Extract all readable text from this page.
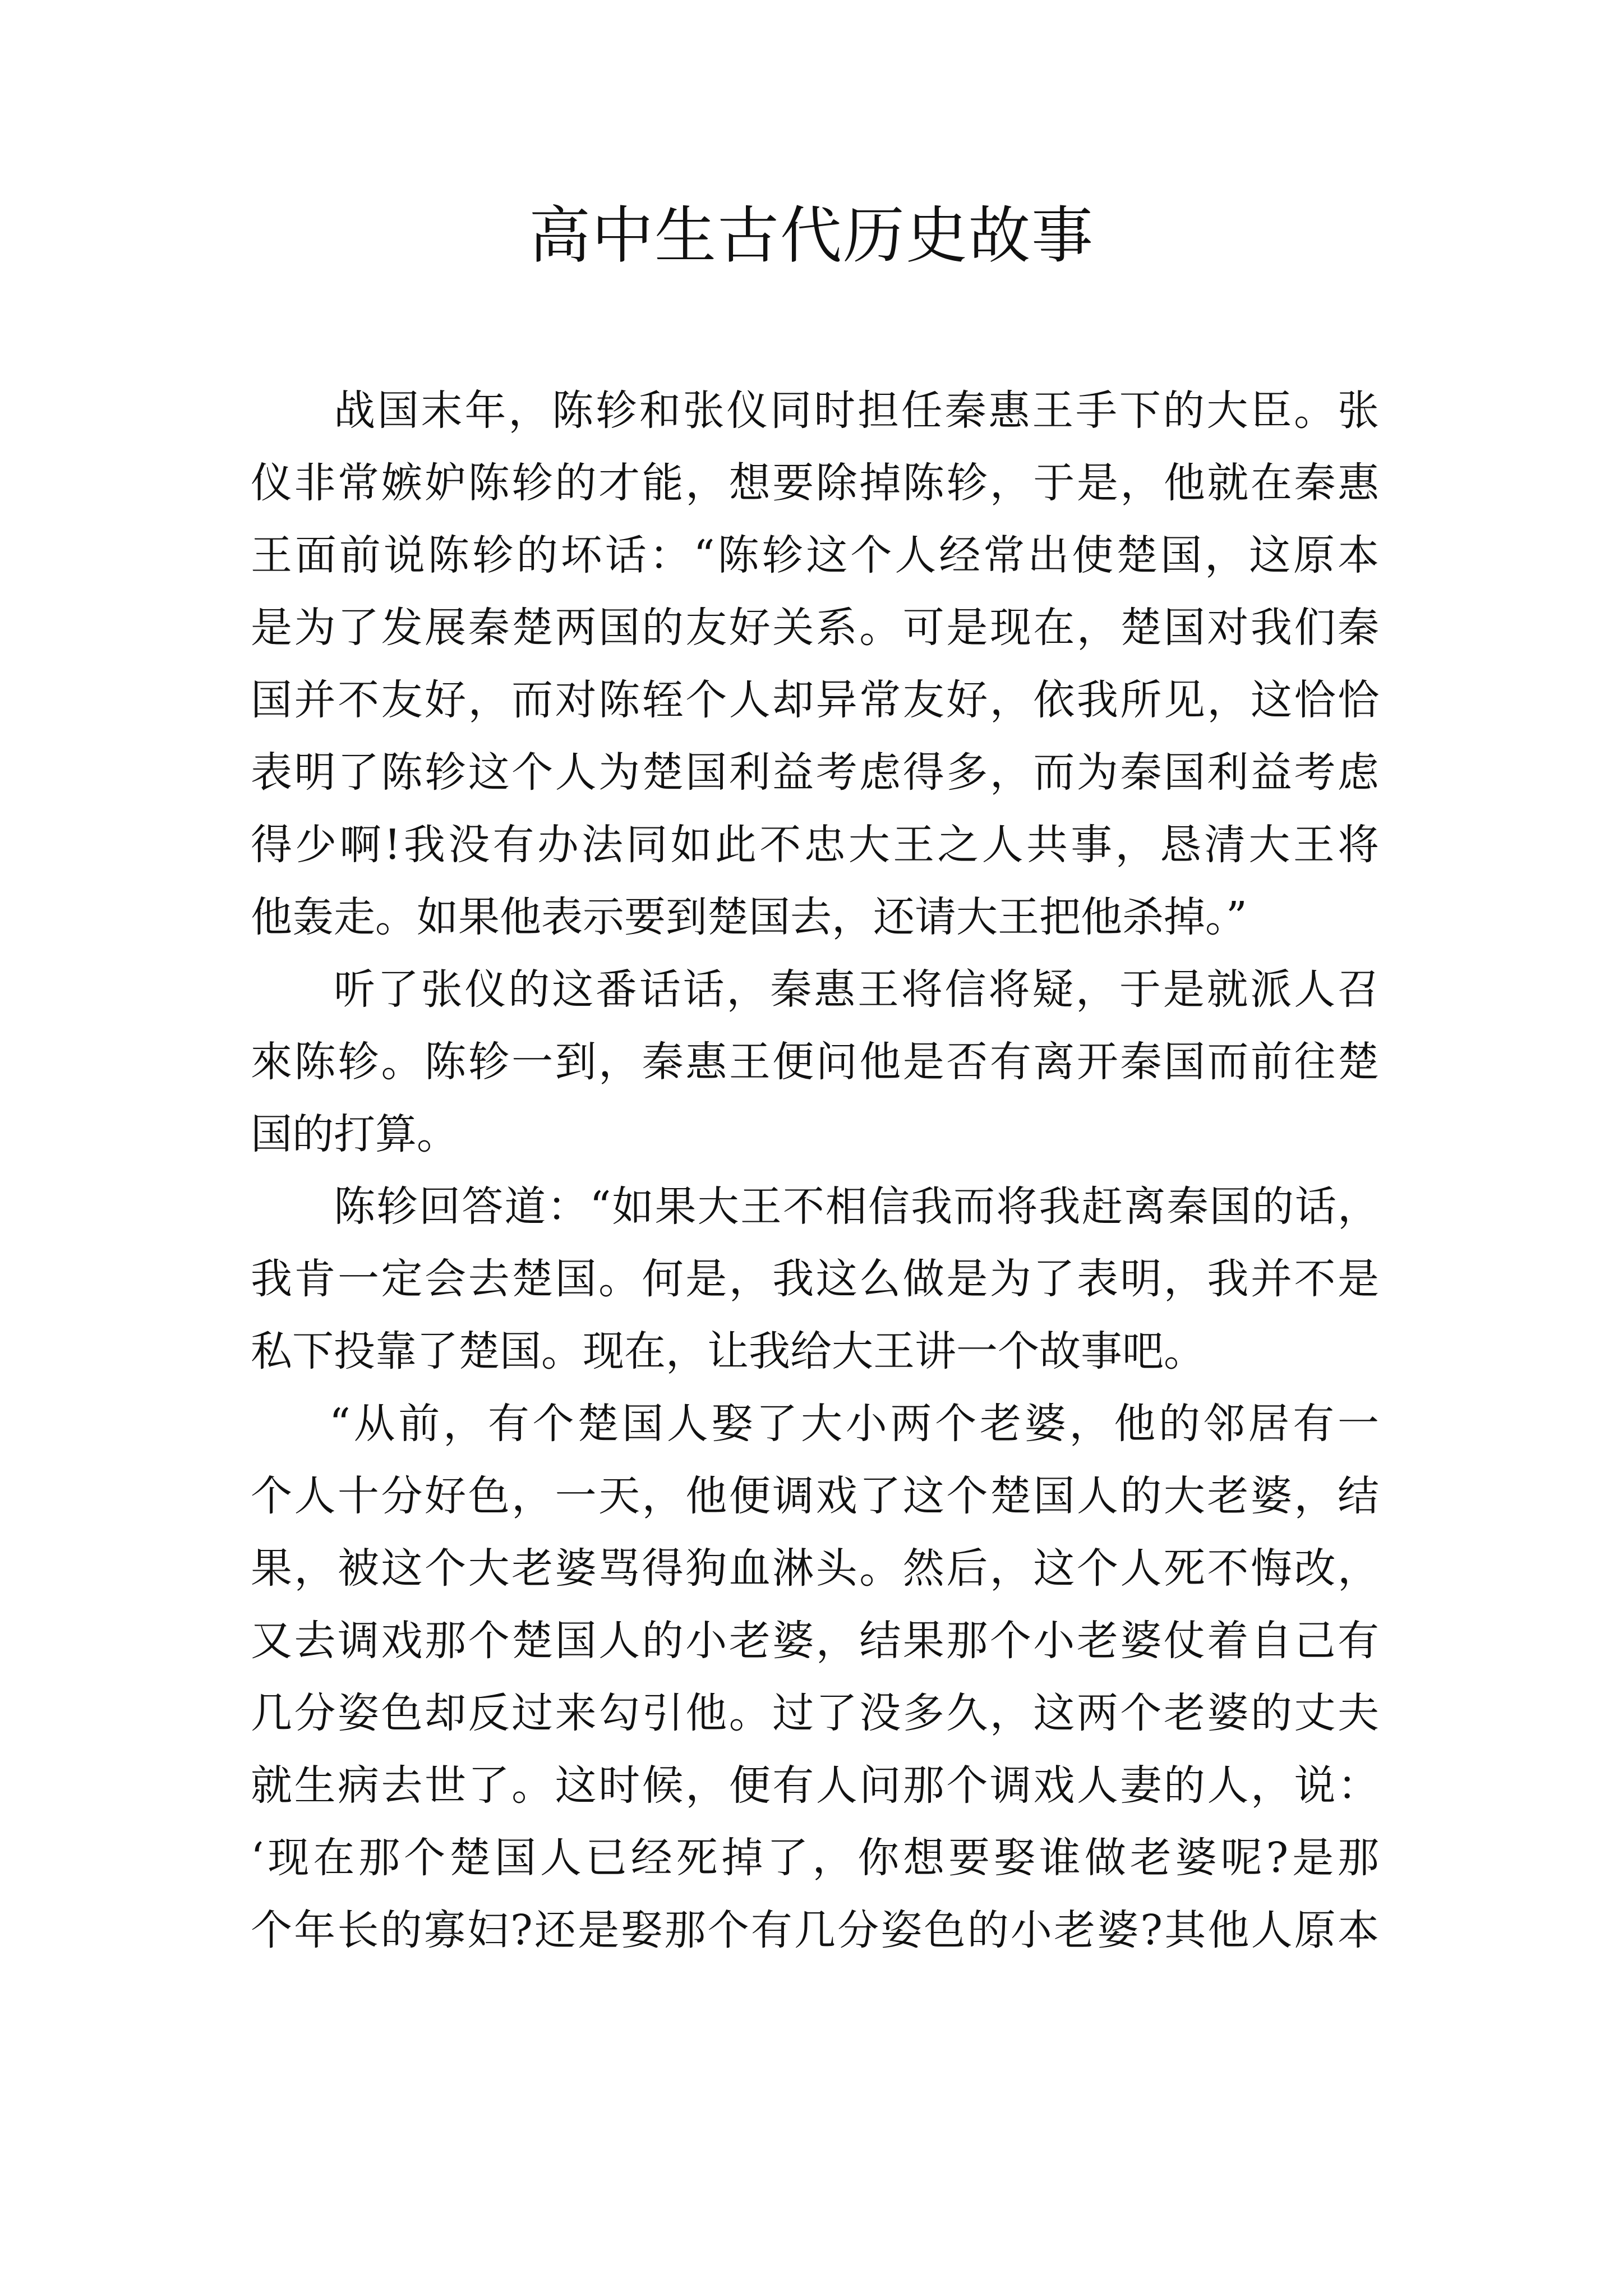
高中生古代历史故事
战国末年，陈轸和张仪同时担任秦惠王手下的大臣。张
仪非常嫉妒陈轸的才能，想要除掉陈轸，于是，他就在秦惠
王面前说陈轸的坏话：“陈轸这个人经常出使楚国，这原本
是为了发展秦楚两国的友好关系。可是现在，楚国对我们秦
国并不友好，而对陈轾个人却异常友好，依我所见，这恰恰
表明了陈轸这个人为楚国利益考虑得多，而为秦国利益考虑
得少啊!我没有办法同如此不忠大王之人共事，恳清大王将
他轰走。如果他表示要到楚国去，还请大王把他杀掉。”
听了张仪的这番话话，秦惠王将信将疑，于是就派人召
來陈轸。陈轸一到，秦惠王便问他是否有离开秦国而前往楚
国的打算。
陈轸回答道：“如果大王不相信我而将我赶离秦国的话，
我肯一定会去楚国。何是，我这么做是为了表明，我并不是
私下投靠了楚国。现在，让我给大王讲一个故事吧。
“从前，有个楚国人娶了大小两个老婆，他的邻居有一
个人十分好色，一天，他便调戏了这个楚国人的大老婆，结
果，被这个大老婆骂得狗血淋头。然后，这个人死不悔改，
又去调戏那个楚国人的小老婆，结果那个小老婆仗着自己有
几分姿色却反过来勾引他。过了没多久，这两个老婆的丈夫
就生病去世了。这时候，便有人问那个调戏人妻的人，说：
‘现在那个楚国人已经死掉了，你想要娶谁做老婆呢?是那
个年长的寡妇?还是娶那个有几分姿色的小老婆?其他人原本
